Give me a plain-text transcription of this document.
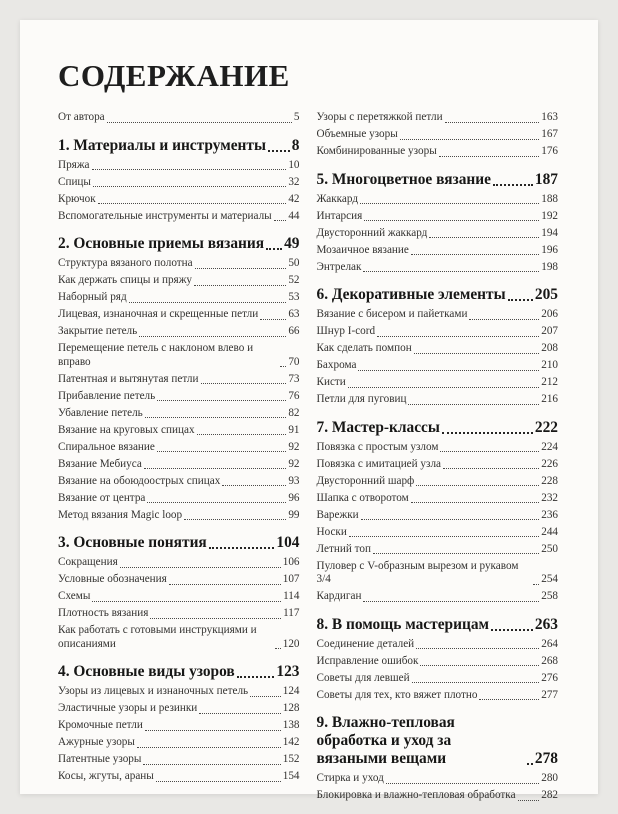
СОДЕРЖАНИЕ
От автора	5
1. Материалы и инструменты 8
Пряжа	10
Спицы	32
Крючок	42
Вспомогательные инструменты и материалы 44
2. Основные приемы вязания 49
Структура вязаного полотна	50
Как держать спицы и пряжу	52
Наборный ряд	53
Лицевая, изнаночная и скрещенные петли	63
Закрытие петель	66
Перемещение петель с наклоном влево и вправо	70
Патентная и вытянутая петли	73
Прибавление петель	76
Убавление петель	82
Вязание на круговых спицах	91
Спиральное вязание	92
Вязание Мебиуса	92
Вязание на обоюдоострых спицах	93
Вязание от центра	96
Метод вязания Magic loop	99
3. Основные понятия	104
Сокращения	106
Условные обозначения	107
Схемы	114
Плотность вязания	117
Как работать с готовыми инструкциями и описаниями	120
4. Основные виды узоров	123
Узоры из лицевых и изнаночных петель	124
Эластичные узоры и резинки	128
Кромочные петли	138
Ажурные узоры	142
Патентные узоры	152
Косы, жгуты, араны	154
Узоры с перетяжкой петли	163
Объемные узоры	167
Комбинированные узоры	176
5. Многоцветное вязание	187
Жаккард	188
Интарсия	192
Двусторонний жаккард	194
Мозаичное вязание	196
Энтрелак	198
6. Декоративные элементы 205
Вязание с бисером и пайетками	206
Шнур I-cord	207
Как сделать помпон	208
Бахрома	210
Кисти	212
Петли для пуговиц	216
7. Мастер-классы	222
Повязка с простым узлом	224
Повязка с имитацией узла	226
Двусторонний шарф	228
Шапка с отворотом	232
Варежки	236
Носки	244
Летний топ	250
Пуловер с V-образным вырезом и рукавом 3/4	254
Кардиган	258
8. В помощь мастерицам	263
Соединение деталей	264
Исправление ошибок	268
Советы для левшей	276
Советы для тех, кто вяжет плотно	277
9. Влажно-тепловая обработка и уход за вязаными вещами	278
Стирка и уход	280
Блокировка и влажно-тепловая обработка 282
